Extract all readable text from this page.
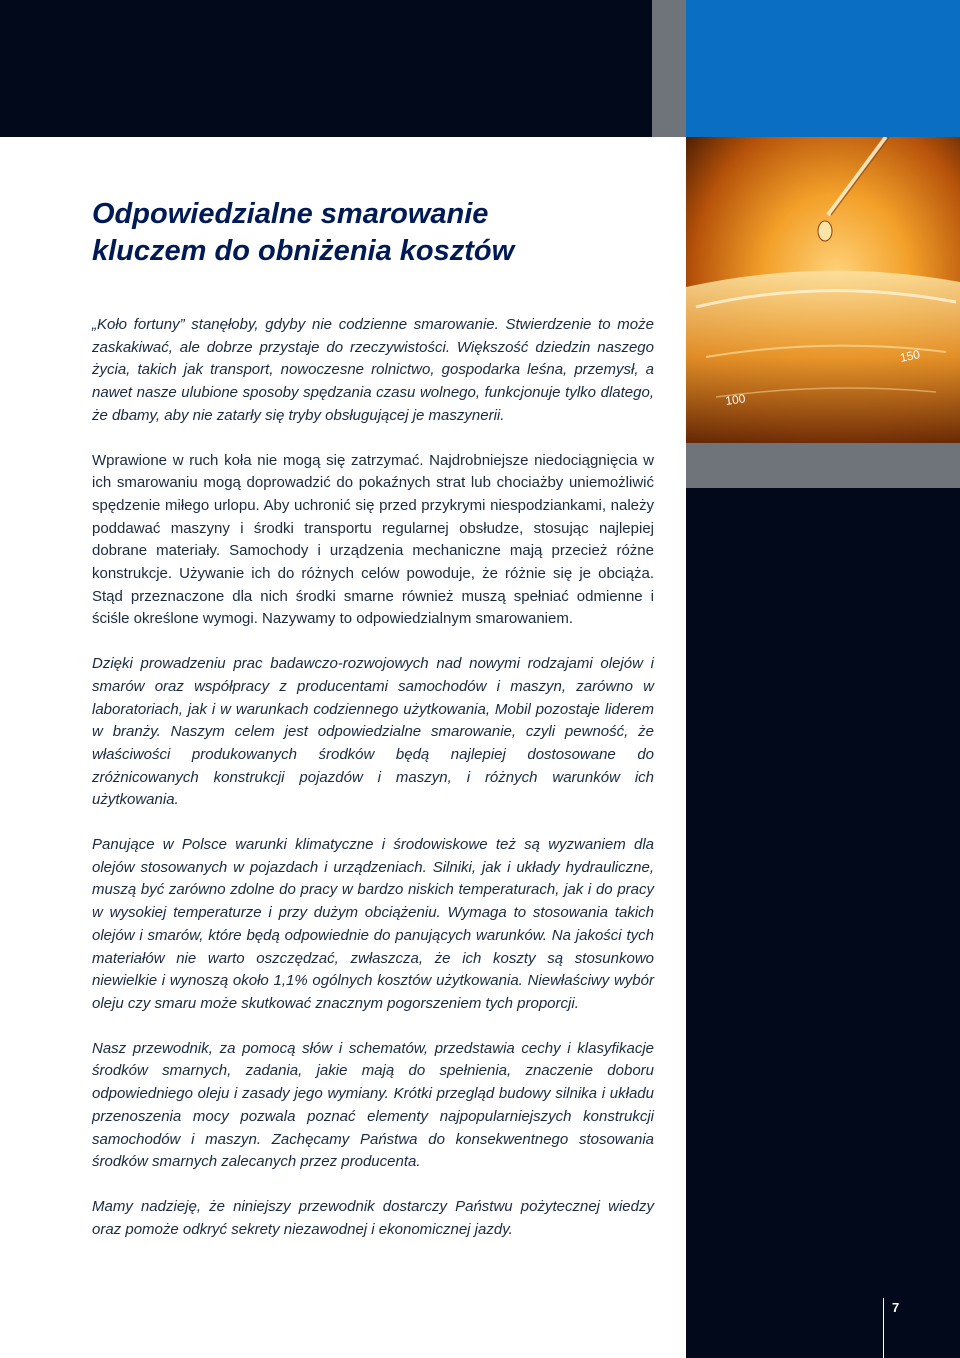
150
100
Odpowiedzialne smarowanie
kluczem do obniżenia kosztów

„Koło fortuny” stanęłoby, gdyby nie codzienne smarowanie. Stwierdzenie to może zaskakiwać, ale dobrze przystaje do rzeczywistości. Większość dziedzin naszego życia, takich jak transport, nowoczesne rolnictwo, gospodarka leśna, przemysł, a nawet nasze ulubione sposoby spędzania czasu wolnego, funkcjonuje tylko dlatego, że dbamy, aby nie zatarły się tryby obsługującej je maszynerii.

Wprawione w ruch koła nie mogą się zatrzymać. Najdrobniejsze niedociągnięcia w ich smarowaniu mogą doprowadzić do pokaźnych strat lub chociażby uniemożliwić spędzenie miłego urlopu. Aby uchronić się przed przykrymi niespodziankami, należy poddawać maszyny i środki transportu regularnej obsłudze, stosując najlepiej dobrane materiały. Samochody i urządzenia mechaniczne mają przecież różne konstrukcje. Używanie ich do różnych celów powoduje, że różnie się je obciąża. Stąd przeznaczone dla nich środki smarne również muszą spełniać odmienne i ściśle określone wymogi. Nazywamy to odpowiedzialnym smarowaniem.

Dzięki prowadzeniu prac badawczo-rozwojowych nad nowymi rodzajami olejów i smarów oraz współpracy z producentami samochodów i maszyn, zarówno w laboratoriach, jak i w warunkach codziennego użytkowania, Mobil pozostaje liderem w branży. Naszym celem jest odpowiedzialne smarowanie, czyli pewność, że właściwości produkowanych środków będą najlepiej dostosowane do zróżnicowanych konstrukcji pojazdów i maszyn, i różnych warunków ich użytkowania.

Panujące w Polsce warunki klimatyczne i środowiskowe też są wyzwaniem dla olejów stosowanych w pojazdach i urządzeniach. Silniki, jak i układy hydrauliczne, muszą być zarówno zdolne do pracy w bardzo niskich temperaturach, jak i do pracy w wysokiej temperaturze i przy dużym obciążeniu. Wymaga to stosowania takich olejów i smarów, które będą odpowiednie do panujących warunków. Na jakości tych materiałów nie warto oszczędzać, zwłaszcza, że ich koszty są stosunkowo niewielkie i wynoszą około 1,1% ogólnych kosztów użytkowania. Niewłaściwy wybór oleju czy smaru może skutkować znacznym pogorszeniem tych proporcji.

Nasz przewodnik, za pomocą słów i schematów, przedstawia cechy i klasyfikacje środków smarnych, zadania, jakie mają do spełnienia, znaczenie doboru odpowiedniego oleju i zasady jego wymiany. Krótki przegląd budowy silnika i układu przenoszenia mocy pozwala poznać elementy najpopularniejszych konstrukcji samochodów i maszyn. Zachęcamy Państwa do konsekwentnego stosowania środków smarnych zalecanych przez producenta.

Mamy nadzieję, że niniejszy przewodnik dostarczy Państwu pożytecznej wiedzy oraz pomoże odkryć sekrety niezawodnej i ekonomicznej jazdy.

7
